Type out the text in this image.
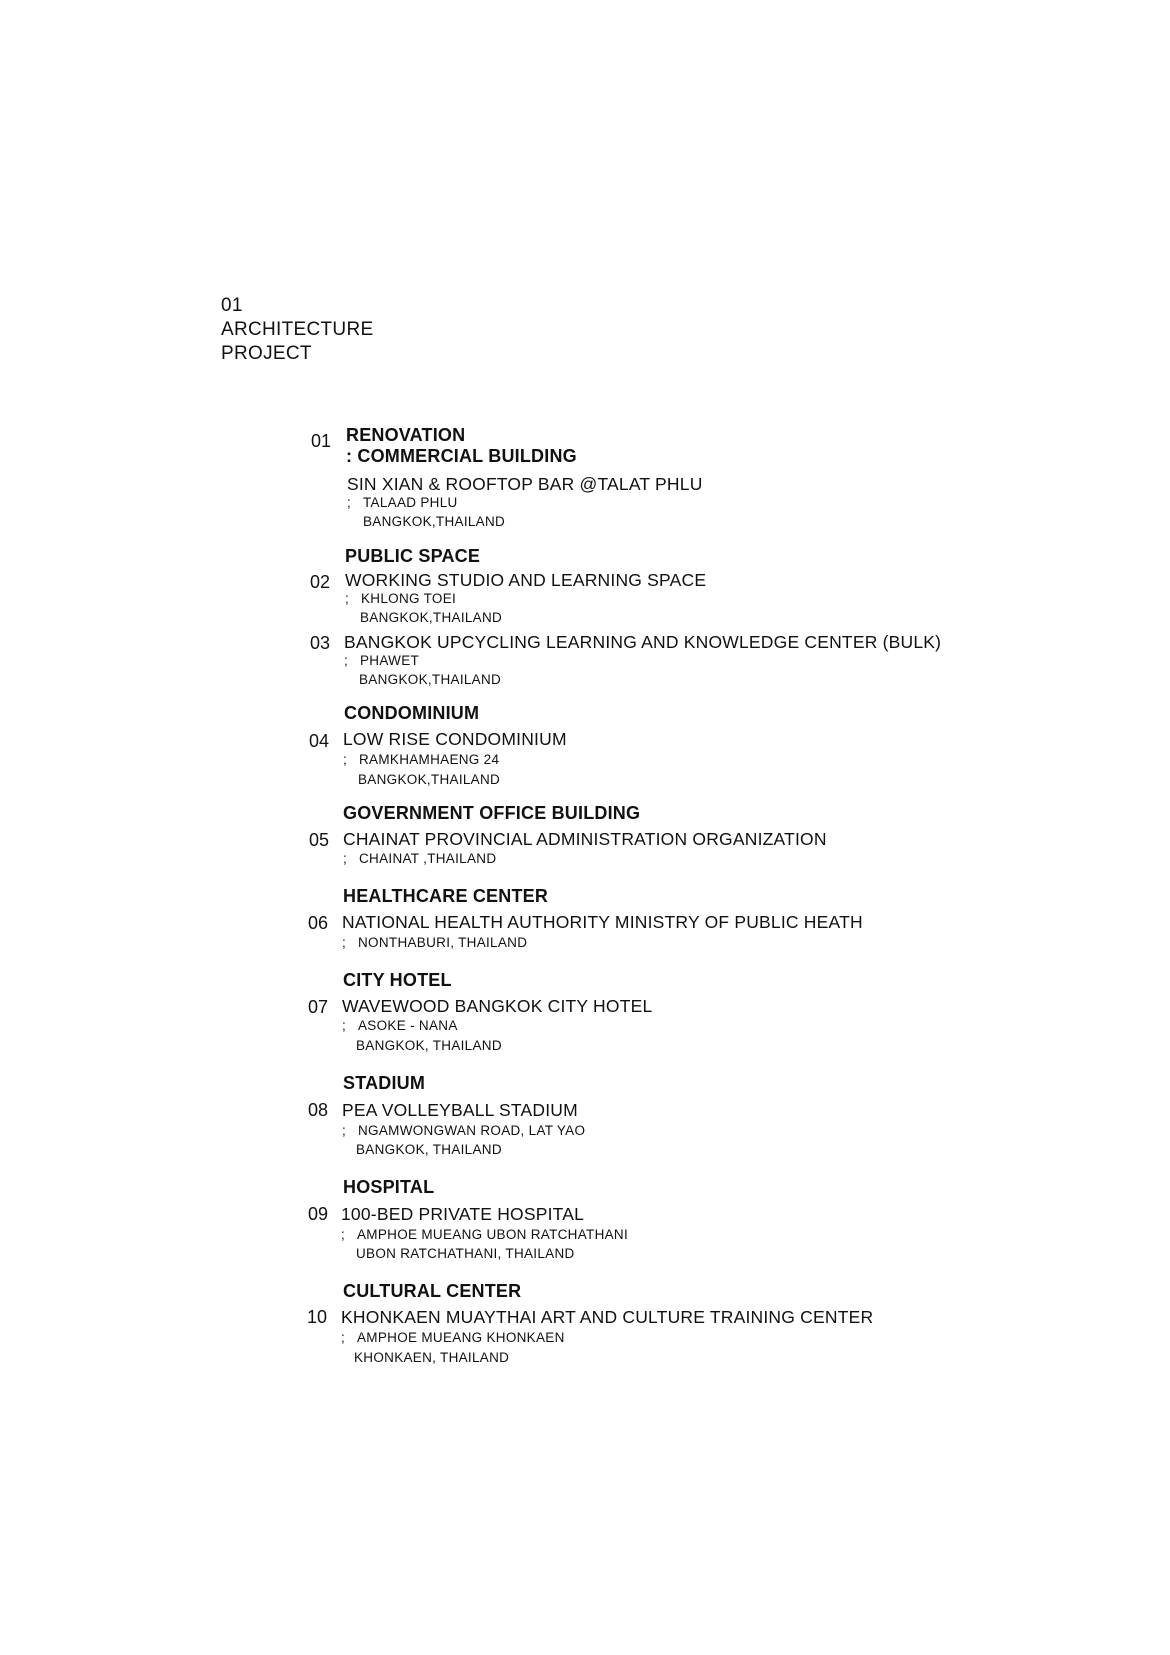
01
ARCHITECTURE
PROJECT
RENOVATION
01
: COMMERCIAL BUILDING
SIN XIAN & ROOFTOP BAR @TALAT PHLU
; TALAAD PHLU
BANGKOK,THAILAND
PUBLIC SPACE
02 WORKING STUDIO AND LEARNING SPACE
; KHLONG TOEI
BANGKOK,THAILAND
03 BANGKOK UPCYCLING LEARNING AND KNOWLEDGE CENTER (BULK)
; PHAWET
BANGKOK,THAILAND
CONDOMINIUM
04 LOW RISE CONDOMINIUM
; RAMKHAMHAENG 24
BANGKOK,THAILAND
GOVERNMENT OFFICE BUILDING
05 CHAINAT PROVINCIAL ADMINISTRATION ORGANIZATION
; CHAINAT ,THAILAND
HEALTHCARE CENTER
06 NATIONAL HEALTH AUTHORITY MINISTRY OF PUBLIC HEATH
; NONTHABURI, THAILAND
CITY HOTEL
07 WAVEWOOD BANGKOK CITY HOTEL
; ASOKE - NANA
BANGKOK, THAILAND
STADIUM
08 PEA VOLLEYBALL STADIUM
; NGAMWONGWAN ROAD, LAT YAO
BANGKOK, THAILAND
HOSPITAL
09 100-BED PRIVATE HOSPITAL
; AMPHOE MUEANG UBON RATCHATHANI
UBON RATCHATHANI, THAILAND
CULTURAL CENTER
10 KHONKAEN MUAYTHAI ART AND CULTURE TRAINING CENTER
; AMPHOE MUEANG KHONKAEN
KHONKAEN, THAILAND
